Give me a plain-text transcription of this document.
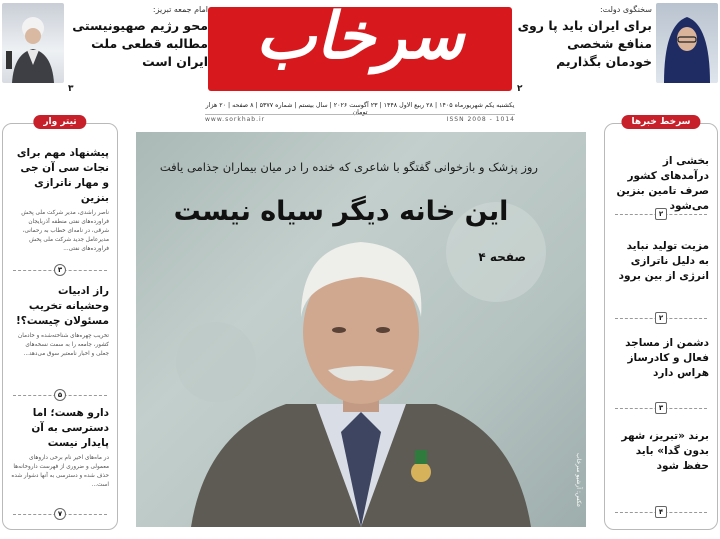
امام جمعه تبریز:
محو رژیم صهیونیستی مطالبه قطعی ملت ایران است
۳
سرخاب	سخنگوی دولت:
برای ایران باید پا روی منافع شخصی خودمان بگذاریم
۲
یکشنبه یکم شهریورماه ۱۴۰۵ | ۲۸ ربیع الاول ۱۴۴۸ | ۲۳ آگوست ۲۰۲۶ | سال بیستم | شماره ۵۳۷۷ | ۸ صفحه | ۲۰ هزار تومان
www.sorkhab.ir	ISSN 2008 - 1014
تیتر وار
پیشنهاد مهم برای نجات سی آن جی و مهار ناترازی بنزین

ناصر راشدی، مدیر شرکت ملی پخش فراورده‌های نفتی منطقه آذربایجان شرقی، در نامه‌ای خطاب به رحمانی، مدیرعامل جدید شرکت ملی پخش فراورده‌های نفتی...

۳
راز ادبیات وحشیانه تخریب مسئولان چیست؟!

تخریب چهره‌های شناخته‌شده و خادمان کشور، جامعه را به سمت نسخه‌های جعلی و اخبار نامعتبر سوق می‌دهد...

۵
دارو هست؛ اما دسترسی به آن پایدار نیست

در ماه‌های اخیر نام برخی داروهای معمولی و ضروری از فهرست داروخانه‌ها حذف شده و دسترسی به آنها دشوار شده است...

۷
روز پزشک و بازخوانی گفتگو با شاعری که خنده را در میان بیماران جذامی یافت
این خانه دیگر سیاه نیست
صفحه ۴
عکس: آرشیو سرخاب
سرخط خبرها
بخشی از درآمدهای کشور صرف تامین بنزین می‌شود
۲
مزیت تولید نباید به دلیل ناترازی انرژی از بین برود
۲
دشمن از مساجد فعال و کادرساز هراس دارد
۳
برند «تبریز، شهر بدون گدا» باید حفظ شود
۴
